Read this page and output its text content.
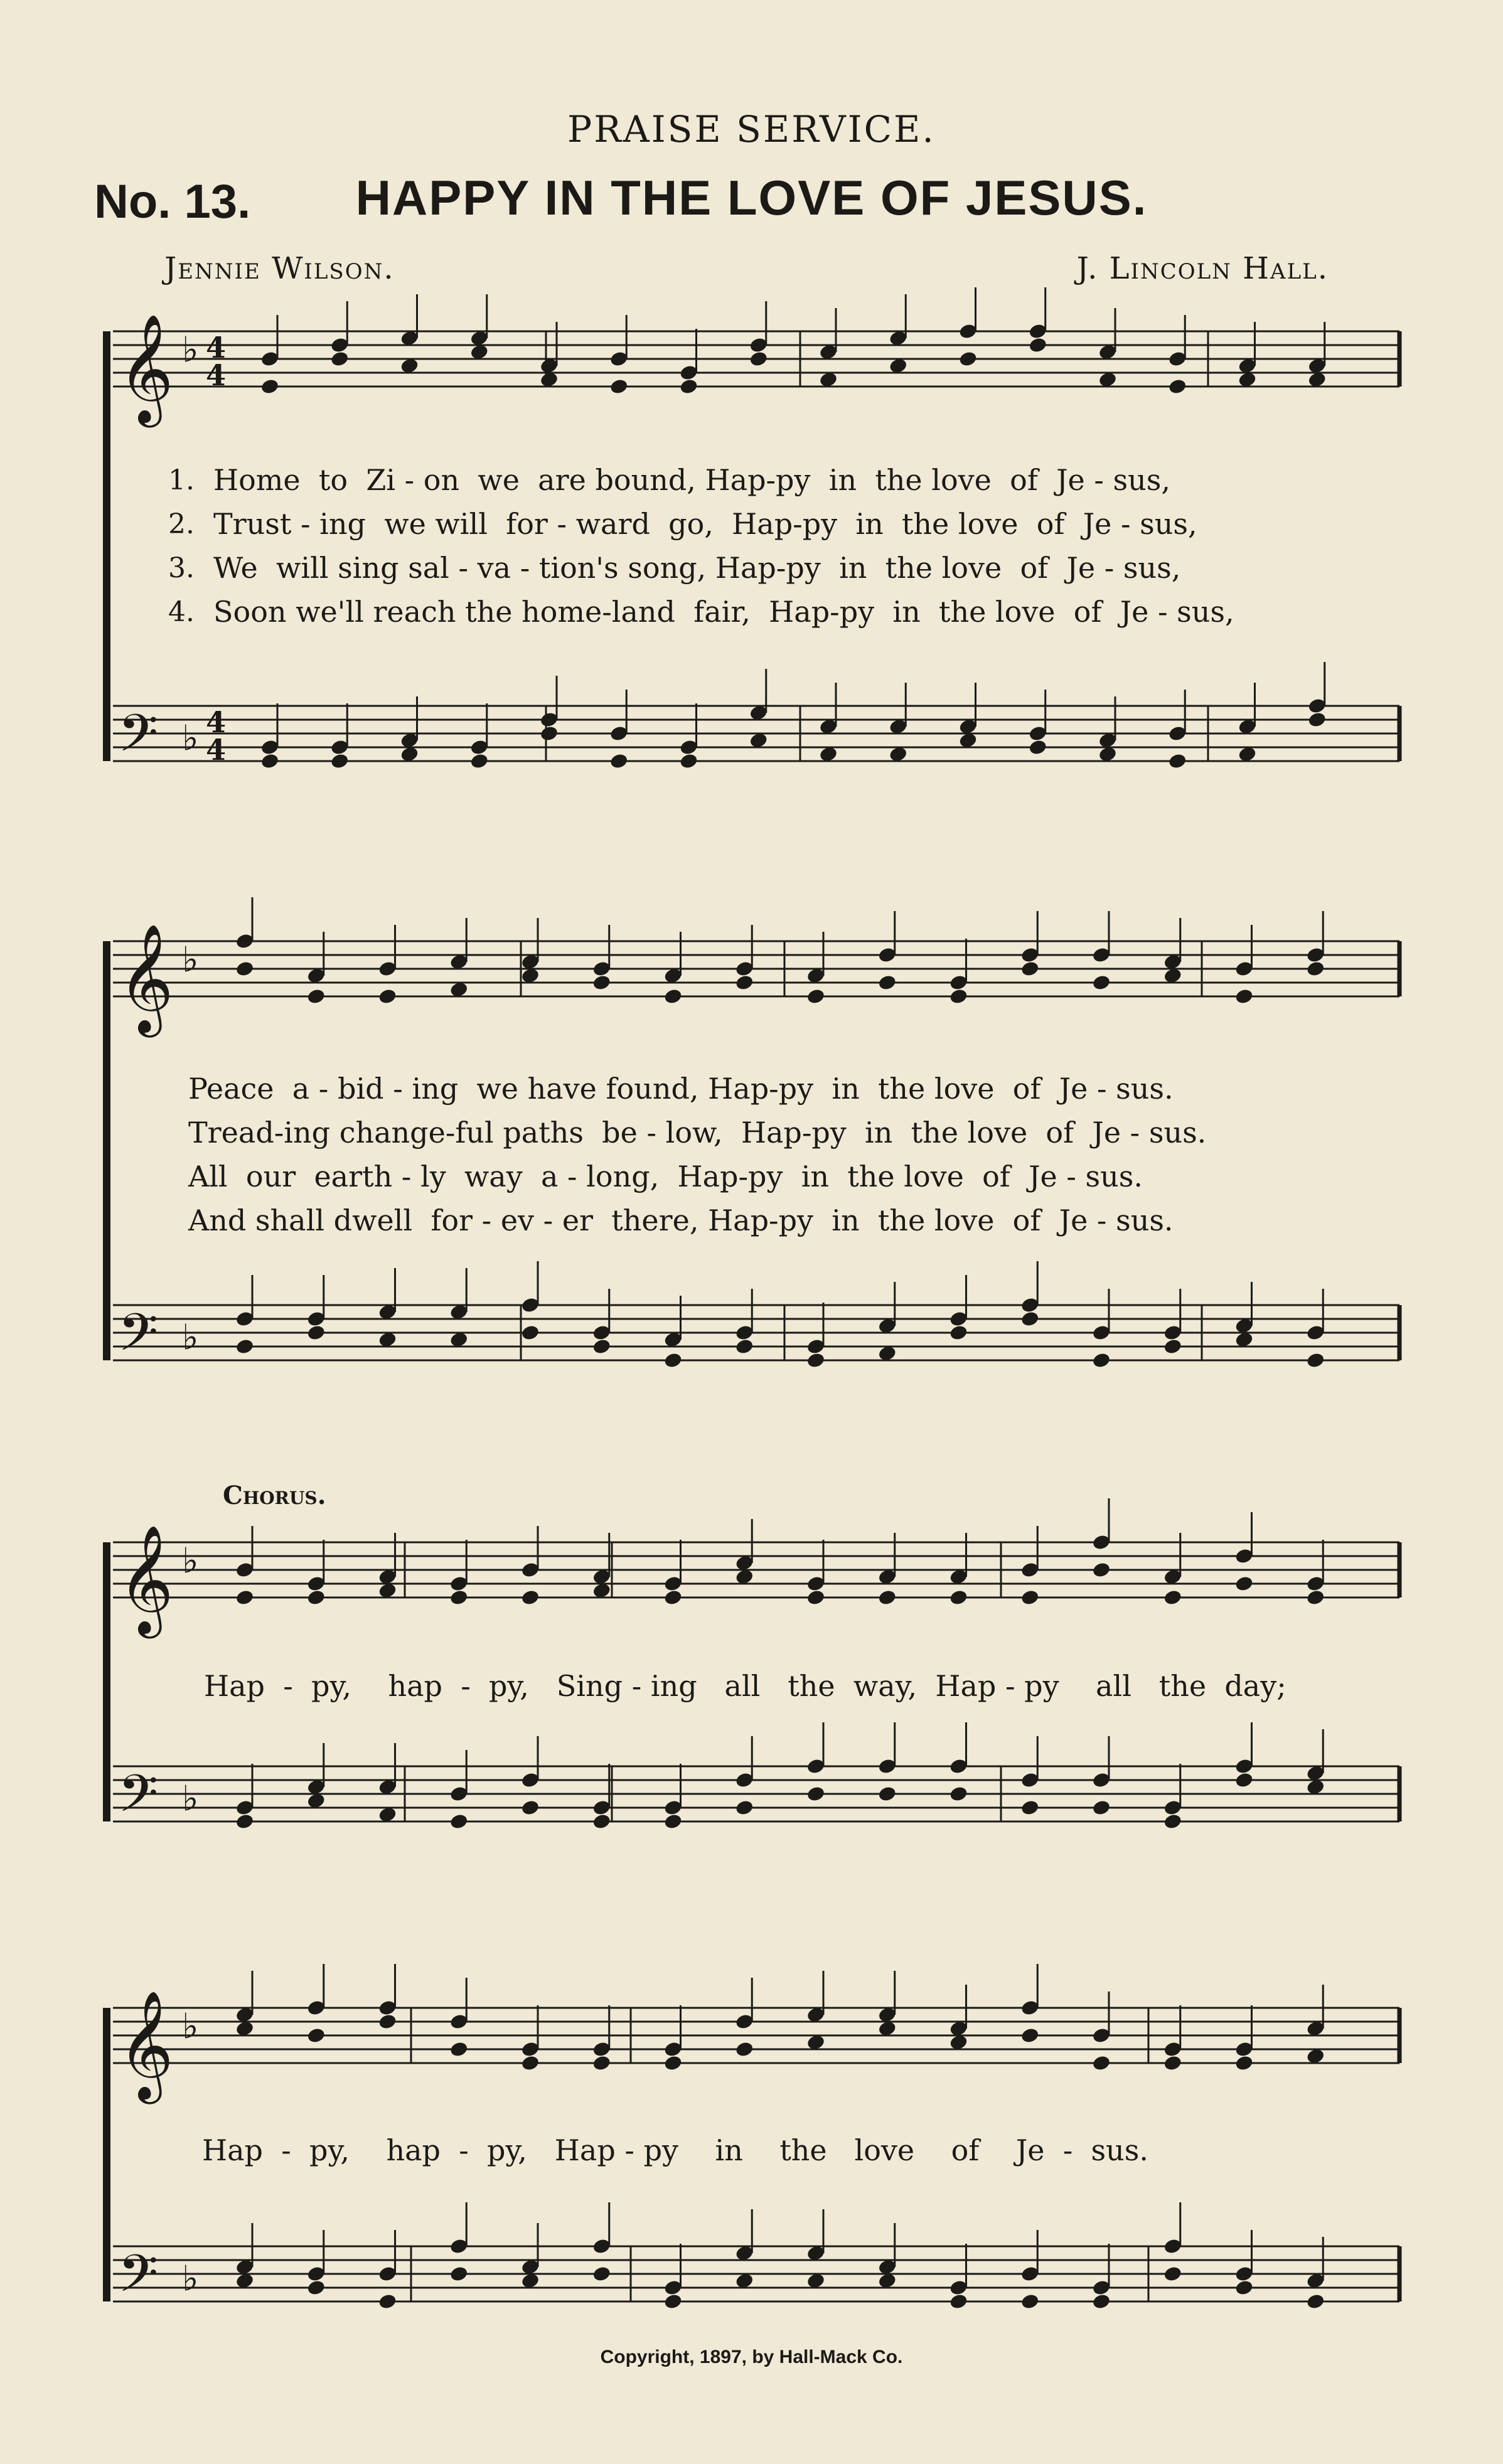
𝄞 ♭ 4
4
𝄢 ♭ 4
4
𝄞 ♭
𝄢 ♭
𝄞 ♭
𝄢 ♭
𝄞 ♭
𝄢 ♭
PRAISE SERVICE.
No. 13.	HAPPY IN THE LOVE OF JESUS.
Jennie Wilson.	J. Lincoln Hall.
1. Home  to  Zi - on  we  are bound, Hap-py  in  the love  of  Je - sus,
2. Trust - ing  we will  for - ward  go,  Hap-py  in  the love  of  Je - sus,
3. We  will sing sal - va - tion's song, Hap-py  in  the love  of  Je - sus,
4. Soon we'll reach the home-land  fair,  Hap-py  in  the love  of  Je - sus,
Peace  a - bid - ing  we have found, Hap-py  in  the love  of  Je - sus.
Tread-ing change-ful paths  be - low,  Hap-py  in  the love  of  Je - sus.
All  our  earth - ly  way  a - long,  Hap-py  in  the love  of  Je - sus.
And shall dwell  for - ev - er  there, Hap-py  in  the love  of  Je - sus.
Chorus.
Hap  -  py,    hap  -  py,   Sing - ing   all   the  way,  Hap - py    all   the  day;
Hap  -  py,    hap  -  py,   Hap - py    in    the   love    of    Je  -  sus.
Copyright, 1897, by Hall-Mack Co.
